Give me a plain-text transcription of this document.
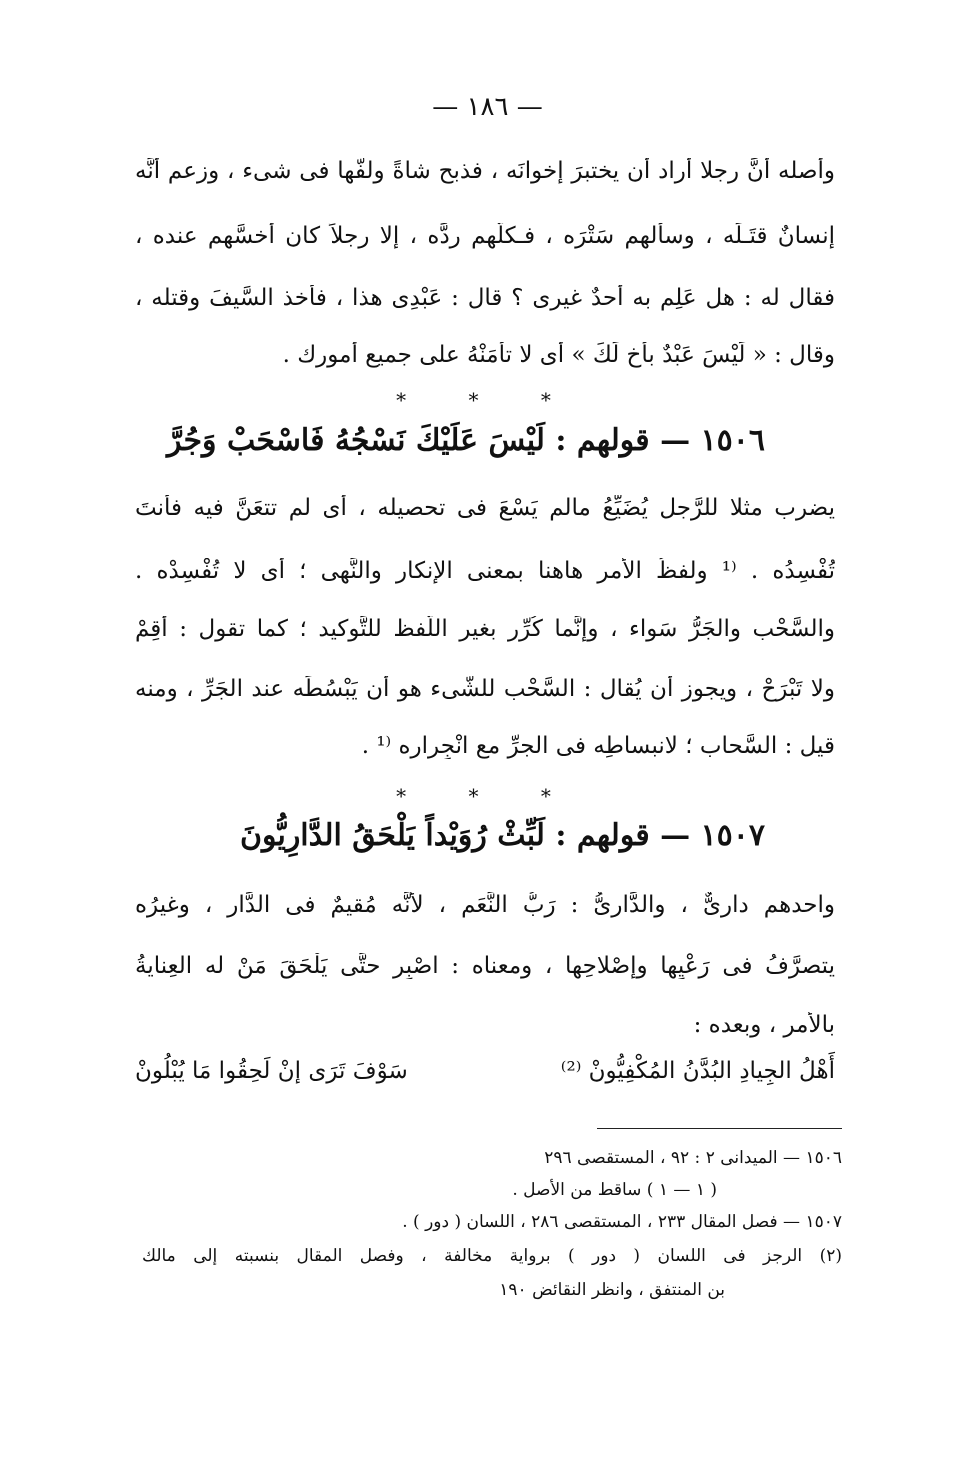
— ١٨٦ —
وأصله أنَّ رجلا أراد أن يختبرَ إخوانَه ، فذبح شاةً ولفَّها فى شىء ، وزعم أنَّه
إنسانٌ قتَـلَه ، وسألهم سَتْرَه ، فـكلُّهم ردَّه ، إلا رجلاً كان أخسَّهم عنده ،
فقال له : هل عَلِم به أحدٌ غيرى ؟ قال : عَبْدِى هذا ، فأخذ السَّيفَ وقتله ،
وقال : « لَيْسَ عَبْدٌ بأخٍ لَكَ » أى لا تأمَنْهُ على جميع أمورك .
* * *
١٥٠٦ — قولهم : لَيْسَ عَلَيْكَ نَسْجُهُ فَاسْحَبْ وَجُرَّ
يضرب مثلا للرَّجل يُضَيِّعُ مالم يَسْعَ فى تحصيله ، أى لم تتعَنَّ فيه فأنتَ
تُفْسِدُه . ⁽¹ ولفظُ الأمر هاهنا بمعنى الإنكار والنَّهى ؛ أى لا تُفْسِدْه .
والسَّحْب والجَرُّ سَواء ، وإنَّما كُرِّر بغير اللَّفظ للتَّوكيد ؛ كما تقول : أقِمْ
ولا تَبْرَحْ ، ويجوز أن يُقال : السَّحْب للشَّىء هو أن يَبْسُطَه عند الجَرِّ ، ومنه
قيل : السَّحاب ؛ لانبساطِه فى الجرِّ مع انْجِرارِه ⁽¹ .
* * *
١٥٠٧ — قولهم : لَبِّثْ رُوَيْداً يَلْحَقُ الدَّارِيُّونَ
واحدهم دارىٌّ ، والدَّارىُّ : رَبُّ النَّعَمِ ، لأنَّه مُقيمٌ فى الدَّار ، وغيرُه
يتصرَّفُ فى رَعْيِها وإصْلاحِها ، ومعناه : اصْبِر حتَّى يَلْحَقَ مَنْ له العِنايةُ
بالأمر ، وبعده :
أَهْلُ الجِيادِ البُدَّنُ المُكْفِيُّونْ ⁽²⁾
سَوْفَ تَرَى إنْ لَحِقُوا مَا يُبْلُونْ
١٥٠٦ — الميدانى ٢ : ٩٢ ، المستقصى ٢٩٦
( ١ — ١ ) ساقط من الأصل .
١٥٠٧ — فصل المقال ٢٣٣ ، المستقصى ٢٨٦ ، اللسان ( دور ) .
(٢) الرجز فى اللسان ( دور ) برواية مخالفة ، وفصل المقال بنسبته إلى مالك
بن المنتفق ، وانظر النقائض ١٩٠
